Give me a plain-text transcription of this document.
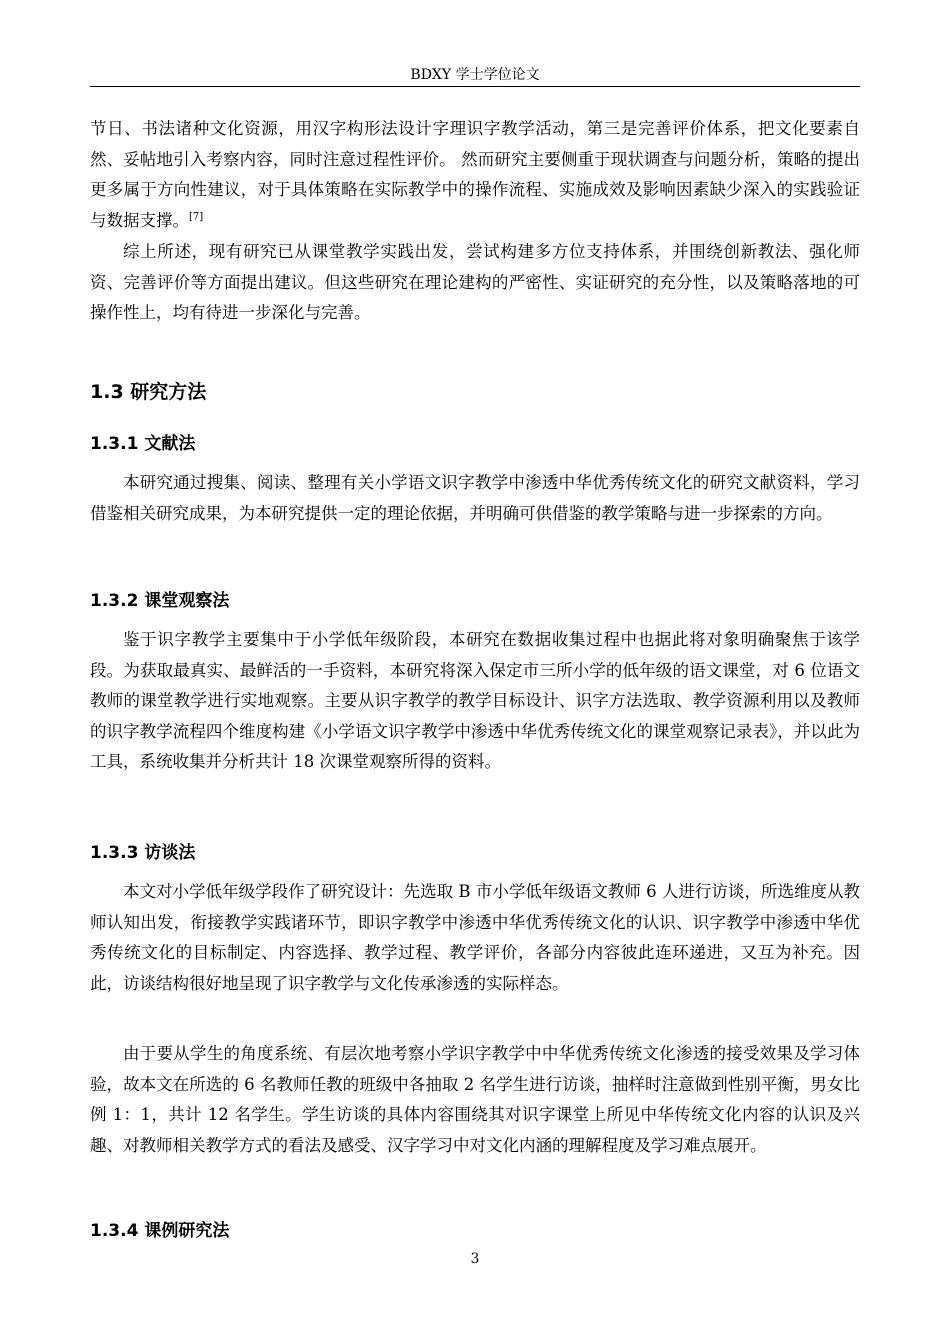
BDXY 学士学位论文

节日、书法诸种文化资源，用汉字构形法设计字理识字教学活动，第三是完善评价体系，把文化要素自然、妥帖地引入考察内容，同时注意过程性评价。 然而研究主要侧重于现状调查与问题分析，策略的提出更多属于方向性建议，对于具体策略在实际教学中的操作流程、实施成效及影响因素缺少深入的实践验证与数据支撑。[7]

综上所述，现有研究已从课堂教学实践出发，尝试构建多方位支持体系，并围绕创新教法、强化师资、完善评价等方面提出建议。但这些研究在理论建构的严密性、实证研究的充分性，以及策略落地的可操作性上，均有待进一步深化与完善。

1.3 研究方法
1.3.1 文献法

本研究通过搜集、阅读、整理有关小学语文识字教学中渗透中华优秀传统文化的研究文献资料，学习借鉴相关研究成果，为本研究提供一定的理论依据，并明确可供借鉴的教学策略与进一步探索的方向。

1.3.2 课堂观察法

鉴于识字教学主要集中于小学低年级阶段，本研究在数据收集过程中也据此将对象明确聚焦于该学段。为获取最真实、最鲜活的一手资料，本研究将深入保定市三所小学的低年级的语文课堂，对 6 位语文教师的课堂教学进行实地观察。主要从识字教学的教学目标设计、识字方法选取、教学资源利用以及教师的识字教学流程四个维度构建《小学语文识字教学中渗透中华优秀传统文化的课堂观察记录表》，并以此为工具，系统收集并分析共计 18 次课堂观察所得的资料。

1.3.3 访谈法

本文对小学低年级学段作了研究设计：先选取 B 市小学低年级语文教师 6 人进行访谈，所选维度从教师认知出发，衔接教学实践诸环节，即识字教学中渗透中华优秀传统文化的认识、识字教学中渗透中华优秀传统文化的目标制定、内容选择、教学过程、教学评价，各部分内容彼此连环递进，又互为补充。因此，访谈结构很好地呈现了识字教学与文化传承渗透的实际样态。

由于要从学生的角度系统、有层次地考察小学识字教学中中华优秀传统文化渗透的接受效果及学习体验，故本文在所选的 6 名教师任教的班级中各抽取 2 名学生进行访谈，抽样时注意做到性别平衡，男女比例 1：1，共计 12 名学生。学生访谈的具体内容围绕其对识字课堂上所见中华传统文化内容的认识及兴趣、对教师相关教学方式的看法及感受、汉字学习中对文化内涵的理解程度及学习难点展开。

1.3.4 课例研究法
3
